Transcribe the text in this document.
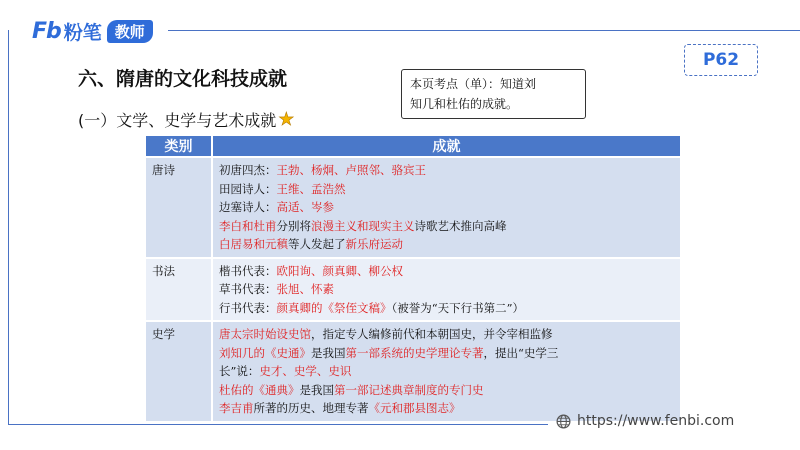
Fb 粉笔 教师
P62
六、隋唐的文化科技成就	本页考点（单）：知道刘
知几和杜佑的成就。
(一）文学、史学与艺术成就 ★
类别	成就
唐诗	初唐四杰：王勃、杨炯、卢照邻、骆宾王
田园诗人：王维、孟浩然
边塞诗人：高适、岑参
李白和杜甫分别将浪漫主义和现实主义诗歌艺术推向高峰
白居易和元稹等人发起了新乐府运动

书法	楷书代表：欧阳询、颜真卿、柳公权
草书代表：张旭、怀素
行书代表：颜真卿的《祭侄文稿》（被誉为“天下行书第二”）

史学	唐太宗时始设史馆，指定专人编修前代和本朝国史，并令宰相监修
刘知几的《史通》是我国第一部系统的史学理论专著，提出“史学三
长”说：史才、史学、史识
杜佑的《通典》是我国第一部记述典章制度的专门史
李吉甫所著的历史、地理专著《元和郡县图志》
https://www.fenbi.com
